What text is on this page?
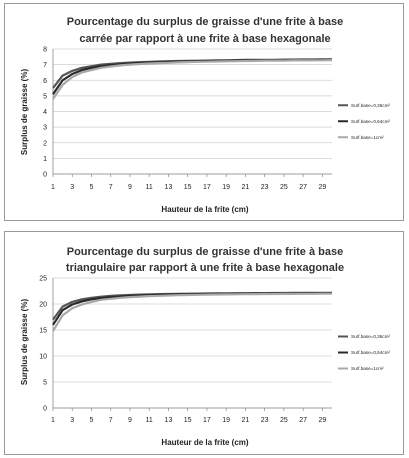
Pourcentage du surplus de graisse d'une frite à base
carrée par rapport à une frite à base hexagonale
Hauteur de la frite (cm)
Surplus de graisse (%)
0
1
2
3
4
5
6
7
8
1 3 5 7 9 11 13 15 17 19 21 23 25 27 29
Surf.base=0,36cm²
Surf.base=0,64cm²
Surf.base=1cm²
Pourcentage du surplus de graisse d'une frite à base
triangulaire par rapport à une frite à base hexagonale
Hauteur de la frite (cm)
Surplus de graisse (%)
0
5
10
15
20
25
1 3 5 7 9 11 13 15 17 19 21 23 25 27 29
Surf.base=0,36cm²
Surf.base=0,64cm²
Surf.base=1cm²
